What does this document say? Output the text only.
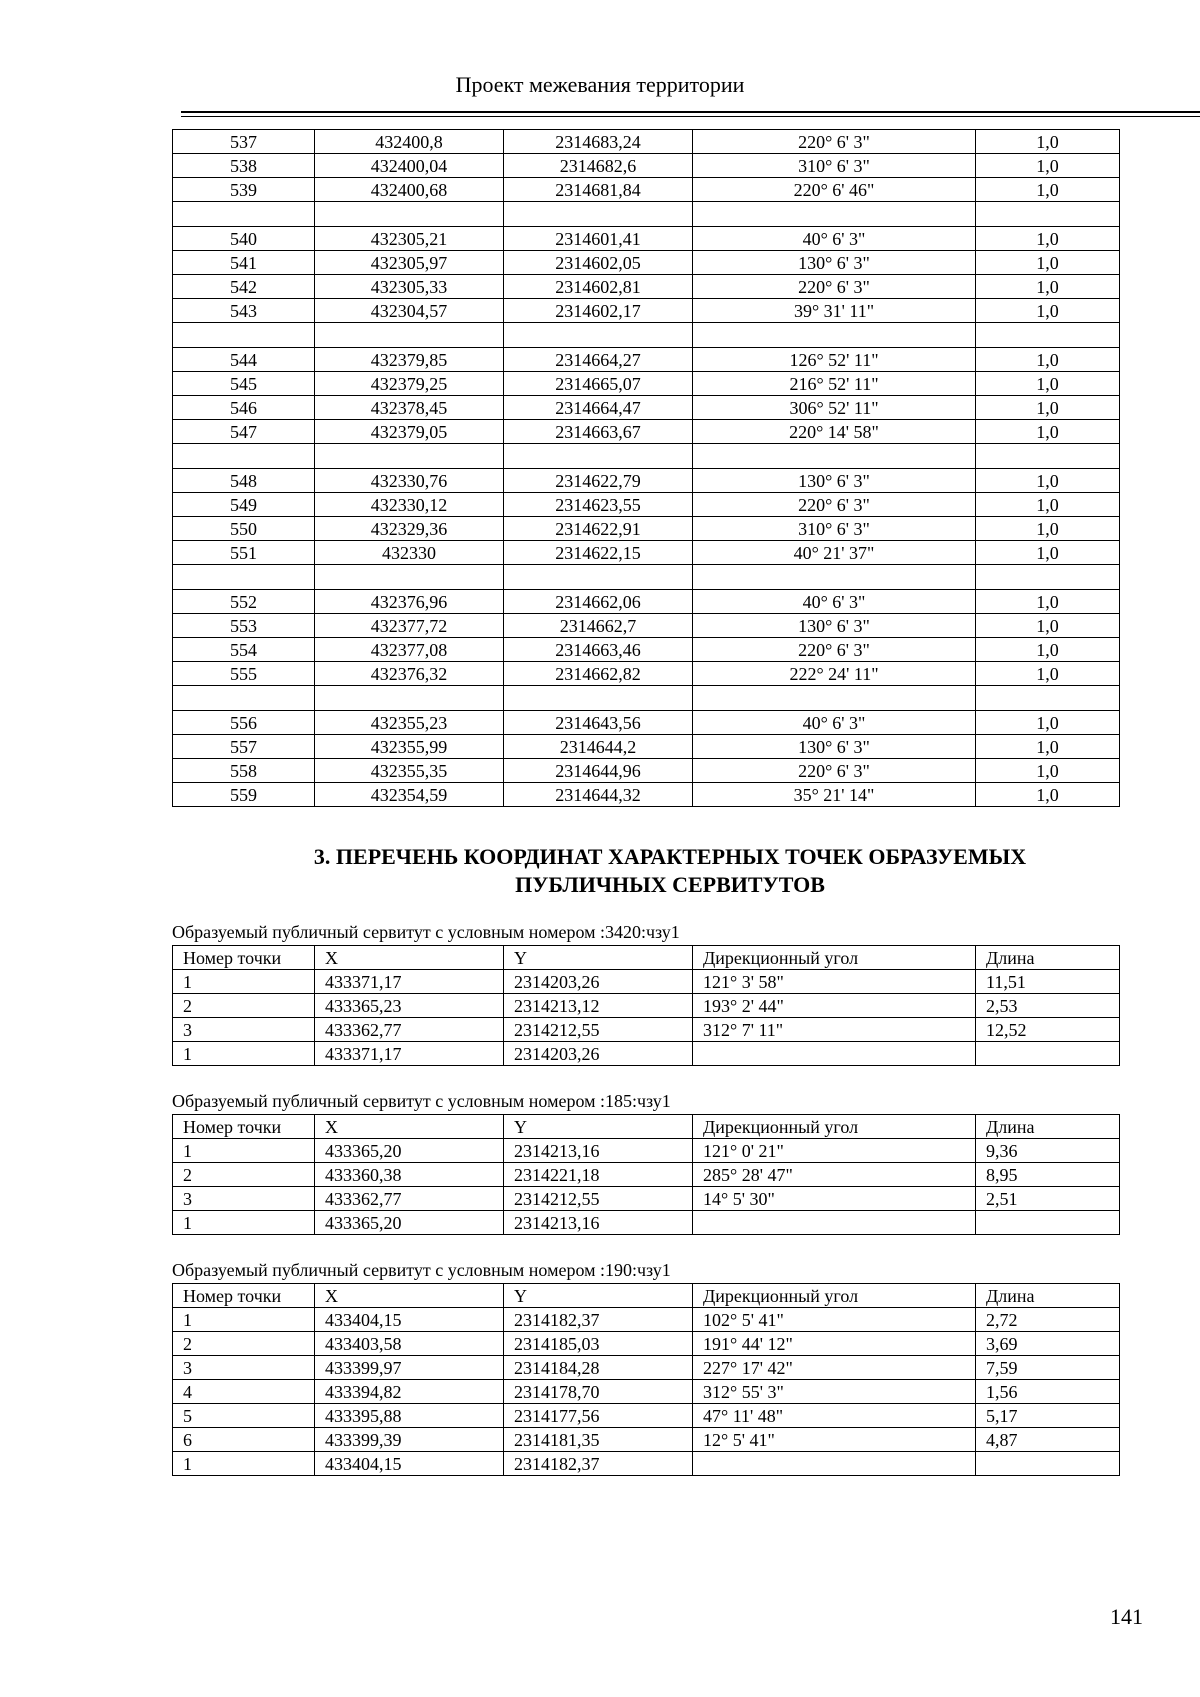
Проект межевания территории
537	432400,8	2314683,24	220° 6' 3"	1,0
538	432400,04	2314682,6	310° 6' 3"	1,0
539	432400,68	2314681,84	220° 6' 46"	1,0

540	432305,21	2314601,41	40° 6' 3"	1,0
541	432305,97	2314602,05	130° 6' 3"	1,0
542	432305,33	2314602,81	220° 6' 3"	1,0
543	432304,57	2314602,17	39° 31' 11"	1,0

544	432379,85	2314664,27	126° 52' 11"	1,0
545	432379,25	2314665,07	216° 52' 11"	1,0
546	432378,45	2314664,47	306° 52' 11"	1,0
547	432379,05	2314663,67	220° 14' 58"	1,0

548	432330,76	2314622,79	130° 6' 3"	1,0
549	432330,12	2314623,55	220° 6' 3"	1,0
550	432329,36	2314622,91	310° 6' 3"	1,0
551	432330	2314622,15	40° 21' 37"	1,0

552	432376,96	2314662,06	40° 6' 3"	1,0
553	432377,72	2314662,7	130° 6' 3"	1,0
554	432377,08	2314663,46	220° 6' 3"	1,0
555	432376,32	2314662,82	222° 24' 11"	1,0

556	432355,23	2314643,56	40° 6' 3"	1,0
557	432355,99	2314644,2	130° 6' 3"	1,0
558	432355,35	2314644,96	220° 6' 3"	1,0
559	432354,59	2314644,32	35° 21' 14"	1,0
3. ПЕРЕЧЕНЬ КООРДИНАТ ХАРАКТЕРНЫХ ТОЧЕК ОБРАЗУЕМЫХ
ПУБЛИЧНЫХ СЕРВИТУТОВ
Образуемый публичный сервитут с условным номером :3420:чзу1
Номер точки	X	Y	Дирекционный угол	Длина
1	433371,17	2314203,26	121° 3' 58"	11,51
2	433365,23	2314213,12	193° 2' 44"	2,53
3	433362,77	2314212,55	312° 7' 11"	12,52
1	433371,17	2314203,26		
Образуемый публичный сервитут с условным номером :185:чзу1
Номер точки	X	Y	Дирекционный угол	Длина
1	433365,20	2314213,16	121° 0' 21"	9,36
2	433360,38	2314221,18	285° 28' 47"	8,95
3	433362,77	2314212,55	14° 5' 30"	2,51
1	433365,20	2314213,16		
Образуемый публичный сервитут с условным номером :190:чзу1
Номер точки	X	Y	Дирекционный угол	Длина
1	433404,15	2314182,37	102° 5' 41"	2,72
2	433403,58	2314185,03	191° 44' 12"	3,69
3	433399,97	2314184,28	227° 17' 42"	7,59
4	433394,82	2314178,70	312° 55' 3"	1,56
5	433395,88	2314177,56	47° 11' 48"	5,17
6	433399,39	2314181,35	12° 5' 41"	4,87
1	433404,15	2314182,37		
141
